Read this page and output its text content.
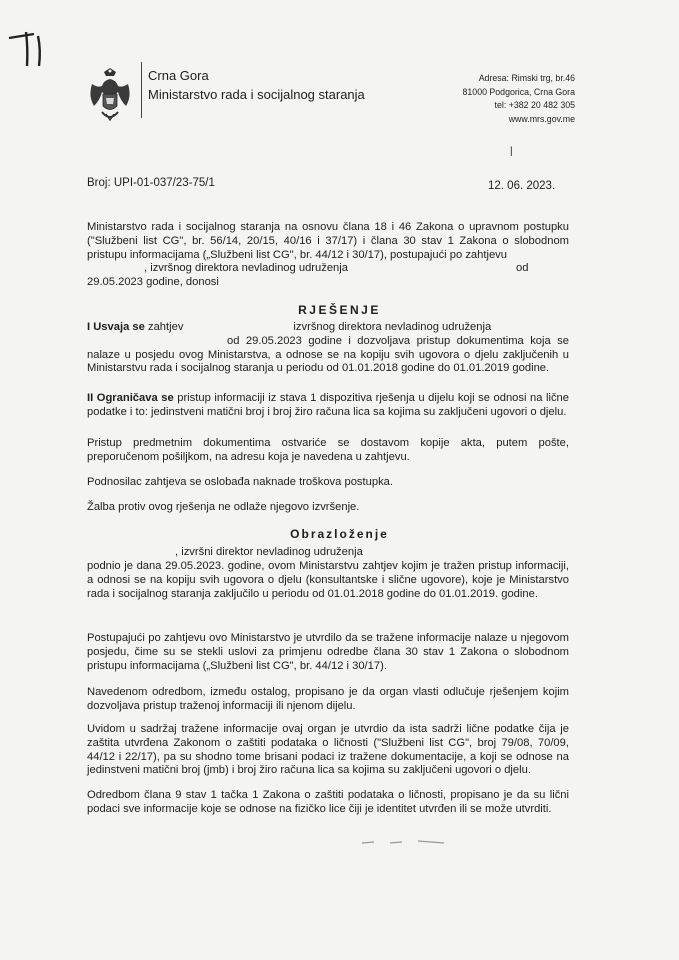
Crna Gora
Ministarstvo rada i socijalnog staranja
Adresa: Rimski trg, br.46
81000 Podgorica, Crna Gora
tel: +382 20 482 305
www.mrs.gov.me
|
Broj: UPI-01-037/23-75/1	12. 06. 2023.
Ministarstvo rada i socijalnog staranja na osnovu člana 18 i 46 Zakona o upravnom postupku ("Službeni list CG", br. 56/14, 20/15, 40/16 i 37/17) i člana 30 stav 1 Zakona o slobodnom pristupu informacijama („Službeni list CG", br. 44/12 i 30/17), postupajući po zahtjevu
, izvršnog direktora nevladinog udruženja	od
29.05.2023 godine, donosi
RJEŠENJE
I Usvaja se zahtjev	izvršnog direktora nevladinog udruženja
od 29.05.2023 godine i dozvoljava pristup dokumentima koja se nalaze u posjedu ovog Ministarstva, a odnose se na kopiju svih ugovora o djelu zaključenih u Ministarstvu rada i socijalnog staranja u periodu od 01.01.2018 godine do 01.01.2019 godine.
II Ograničava se pristup informaciji iz stava 1 dispozitiva rješenja u dijelu koji se odnosi na lične podatke i to: jedinstveni matični broj i broj žiro računa lica sa kojima su zaključeni ugovori o djelu.
Pristup predmetnim dokumentima ostvariće se dostavom kopije akta, putem pošte, preporučenom pošiljkom, na adresu koja je navedena u zahtjevu.
Podnosilac zahtjeva se oslobađa naknade troškova postupka.
Žalba protiv ovog rješenja ne odlaže njegovo izvršenje.
Obrazloženje
, izvršni direktor nevladinog udruženja
podnio je dana 29.05.2023. godine, ovom Ministarstvu zahtjev kojim je tražen pristup informaciji, a odnosi se na kopiju svih ugovora o djelu (konsultantske i slične ugovore), koje je Ministarstvo rada i socijalnog staranja zaključilo u periodu od 01.01.2018 godine do 01.01.2019. godine.
Postupajući po zahtjevu ovo Ministarstvo je utvrdilo da se tražene informacije nalaze u njegovom posjedu, čime su se stekli uslovi za primjenu odredbe člana 30 stav 1 Zakona o slobodnom pristupu informacijama („Službeni list CG", br. 44/12 i 30/17).
Navedenom odredbom, između ostalog, propisano je da organ vlasti odlučuje rješenjem kojim dozvoljava pristup traženoj informaciji ili njenom dijelu.
Uvidom u sadržaj tražene informacije ovaj organ je utvrdio da ista sadrži lične podatke čija je zaštita utvrđena Zakonom o zaštiti podataka o ličnosti ("Službeni list CG", broj 79/08, 70/09, 44/12 i 22/17), pa su shodno tome brisani podaci iz tražene dokumentacije, a koji se odnose na jedinstveni matični broj (jmb) i broj žiro računa lica sa kojima su zaključeni ugovori o djelu.
Odredbom člana 9 stav 1 tačka 1 Zakona o zaštiti podataka o ličnosti, propisano je da su lični podaci sve informacije koje se odnose na fizičko lice čiji je identitet utvrđen ili se može utvrditi.
